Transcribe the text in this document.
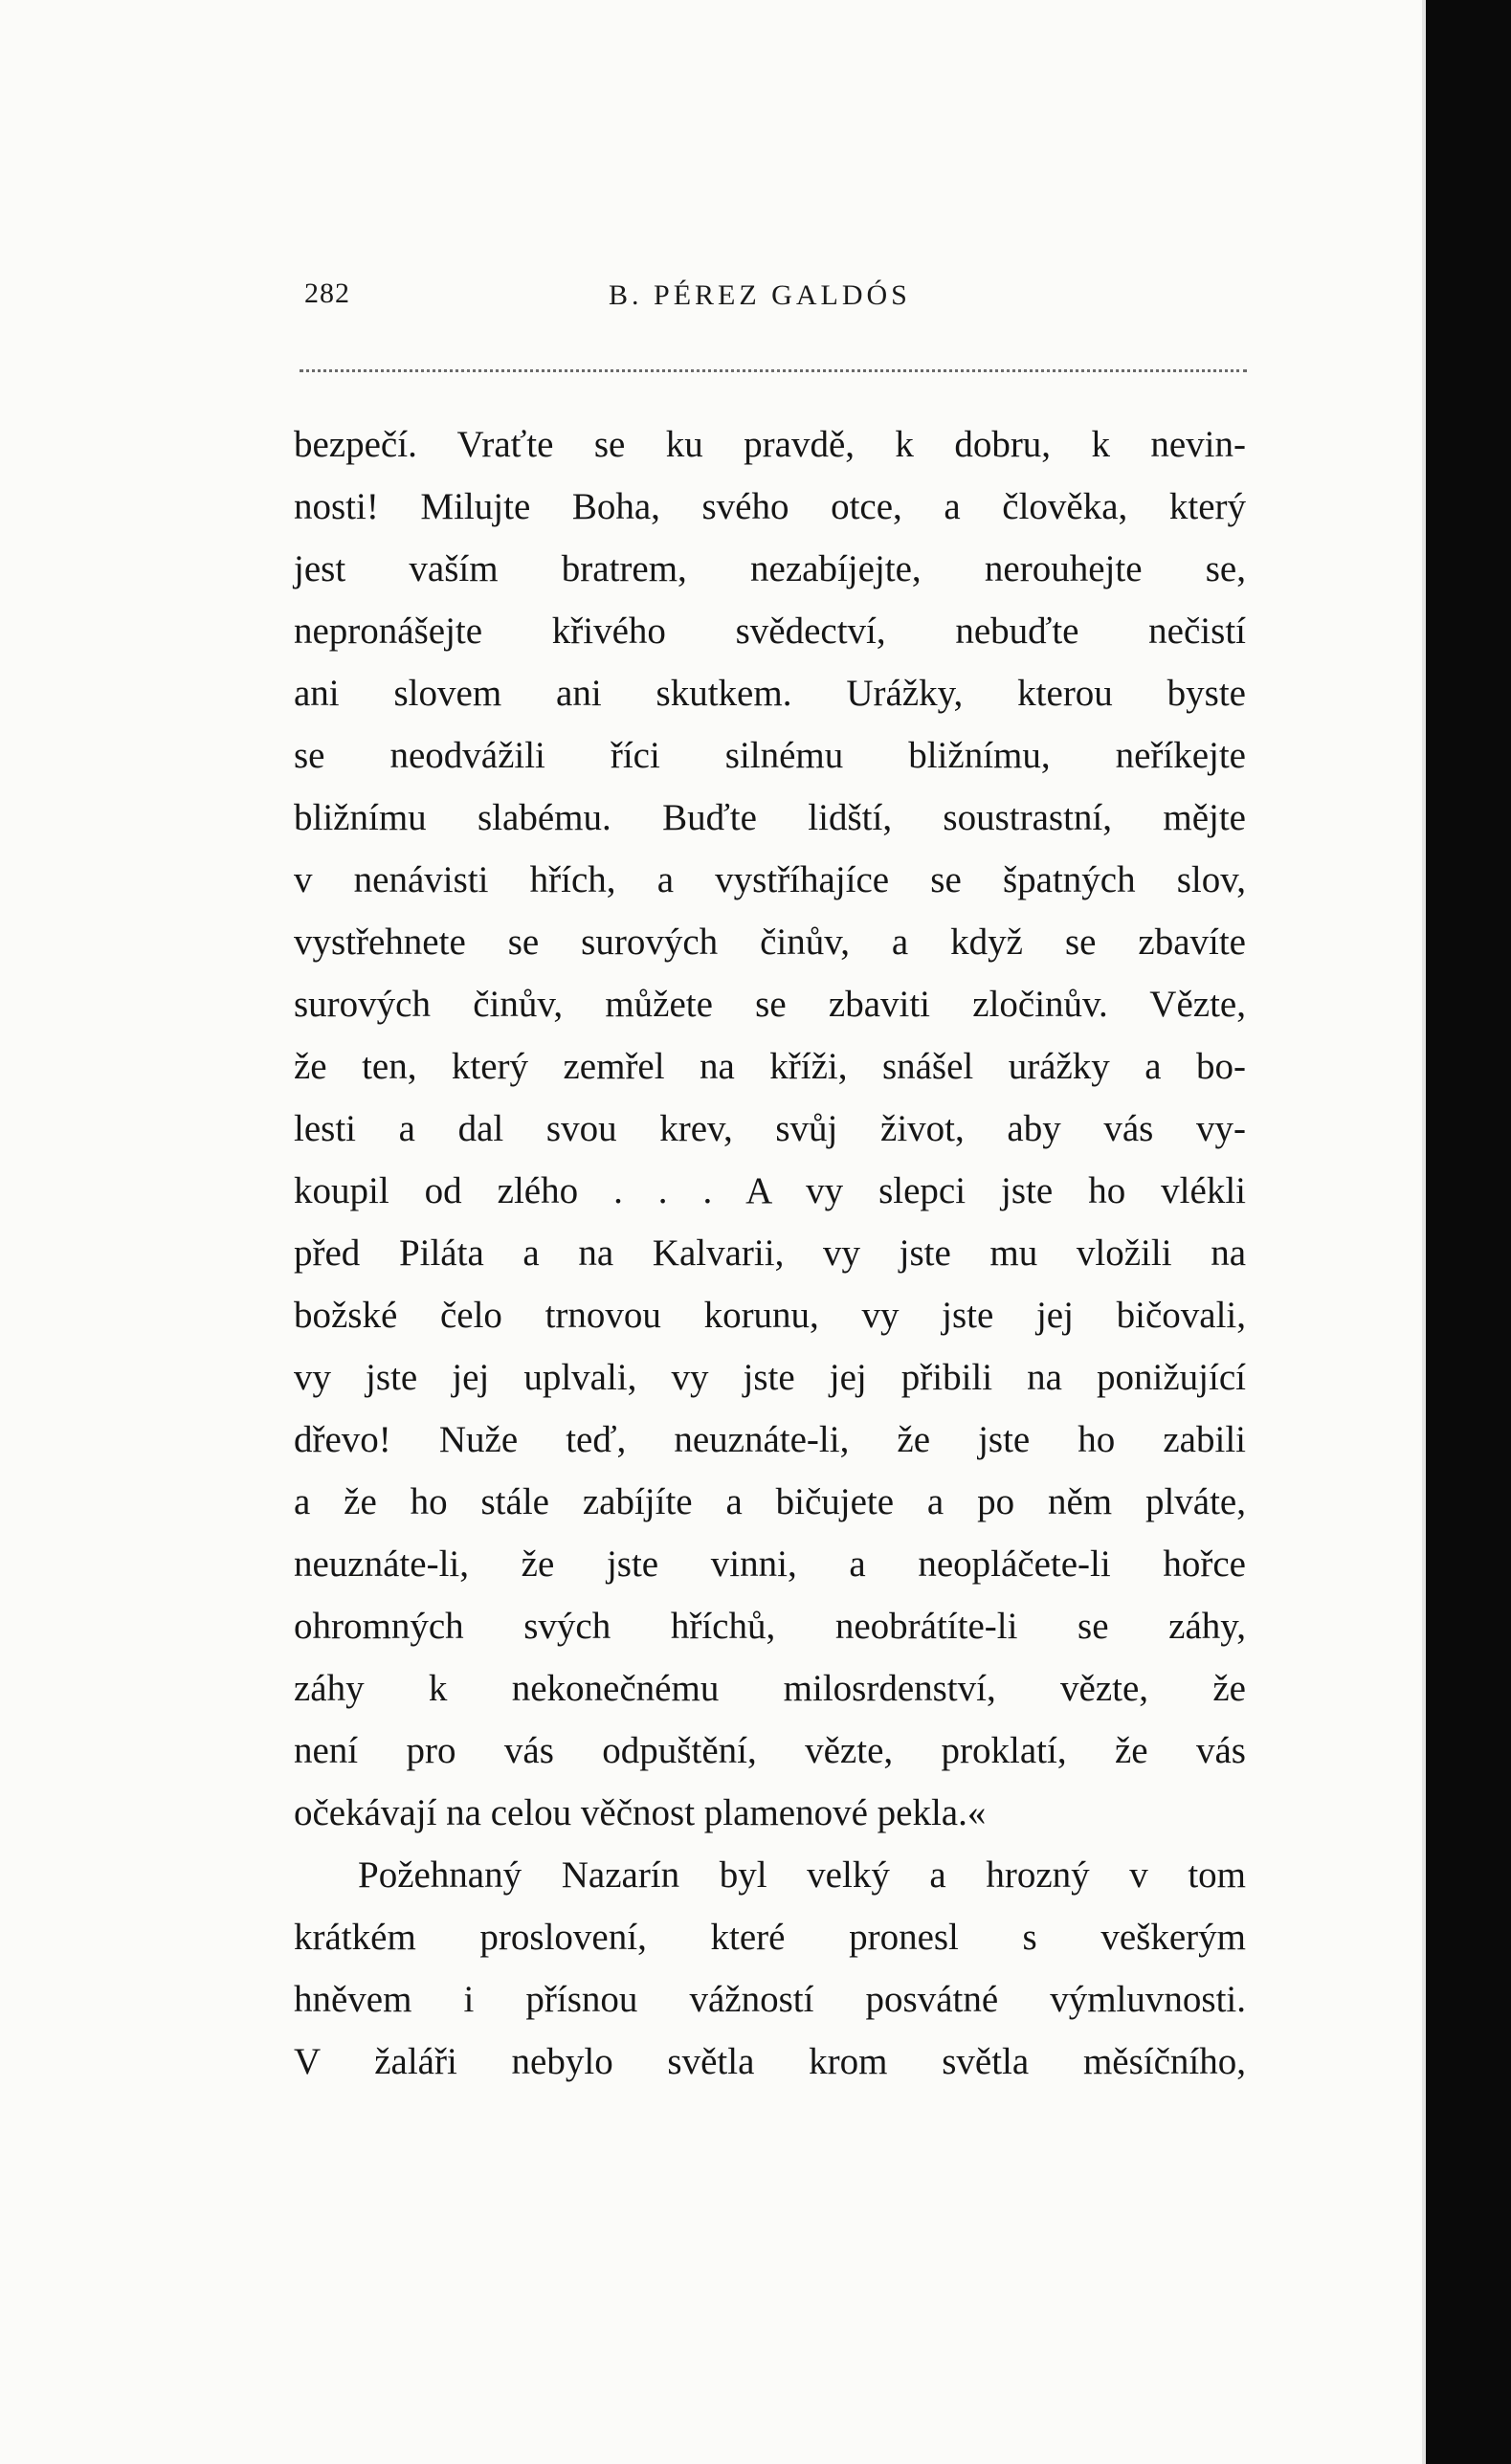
282	B. PÉREZ GALDÓS
bezpečí. Vraťte se ku pravdě, k dobru, k nevin-
nosti! Milujte Boha, svého otce, a člověka, který
jest vaším bratrem, nezabíjejte, nerouhejte se,
nepronášejte křivého svědectví, nebuďte nečistí
ani slovem ani skutkem. Urážky, kterou byste
se neodvážili říci silnému bližnímu, neříkejte
bližnímu slabému. Buďte lidští, soustrastní, mějte
v nenávisti hřích, a vystříhajíce se špatných slov,
vystřehnete se surových činův, a když se zbavíte
surových činův, můžete se zbaviti zločinův. Vězte,
že ten, který zemřel na kříži, snášel urážky a bo-
lesti a dal svou krev, svůj život, aby vás vy-
koupil od zlého . . . A vy slepci jste ho vlékli
před Piláta a na Kalvarii, vy jste mu vložili na
božské čelo trnovou korunu, vy jste jej bičovali,
vy jste jej uplvali, vy jste jej přibili na ponižující
dřevo! Nuže teď, neuznáte-li, že jste ho zabili
a že ho stále zabíjíte a bičujete a po něm plváte,
neuznáte-li, že jste vinni, a neopláčete-li hořce
ohromných svých hříchů, neobrátíte-li se záhy,
záhy k nekonečnému milosrdenství, vězte, že
není pro vás odpuštění, vězte, proklatí, že vás
očekávají na celou věčnost plamenové pekla.«
Požehnaný Nazarín byl velký a hrozný v tom
krátkém proslovení, které pronesl s veškerým
hněvem i přísnou vážností posvátné výmluvnosti.
V žaláři nebylo světla krom světla měsíčního,
